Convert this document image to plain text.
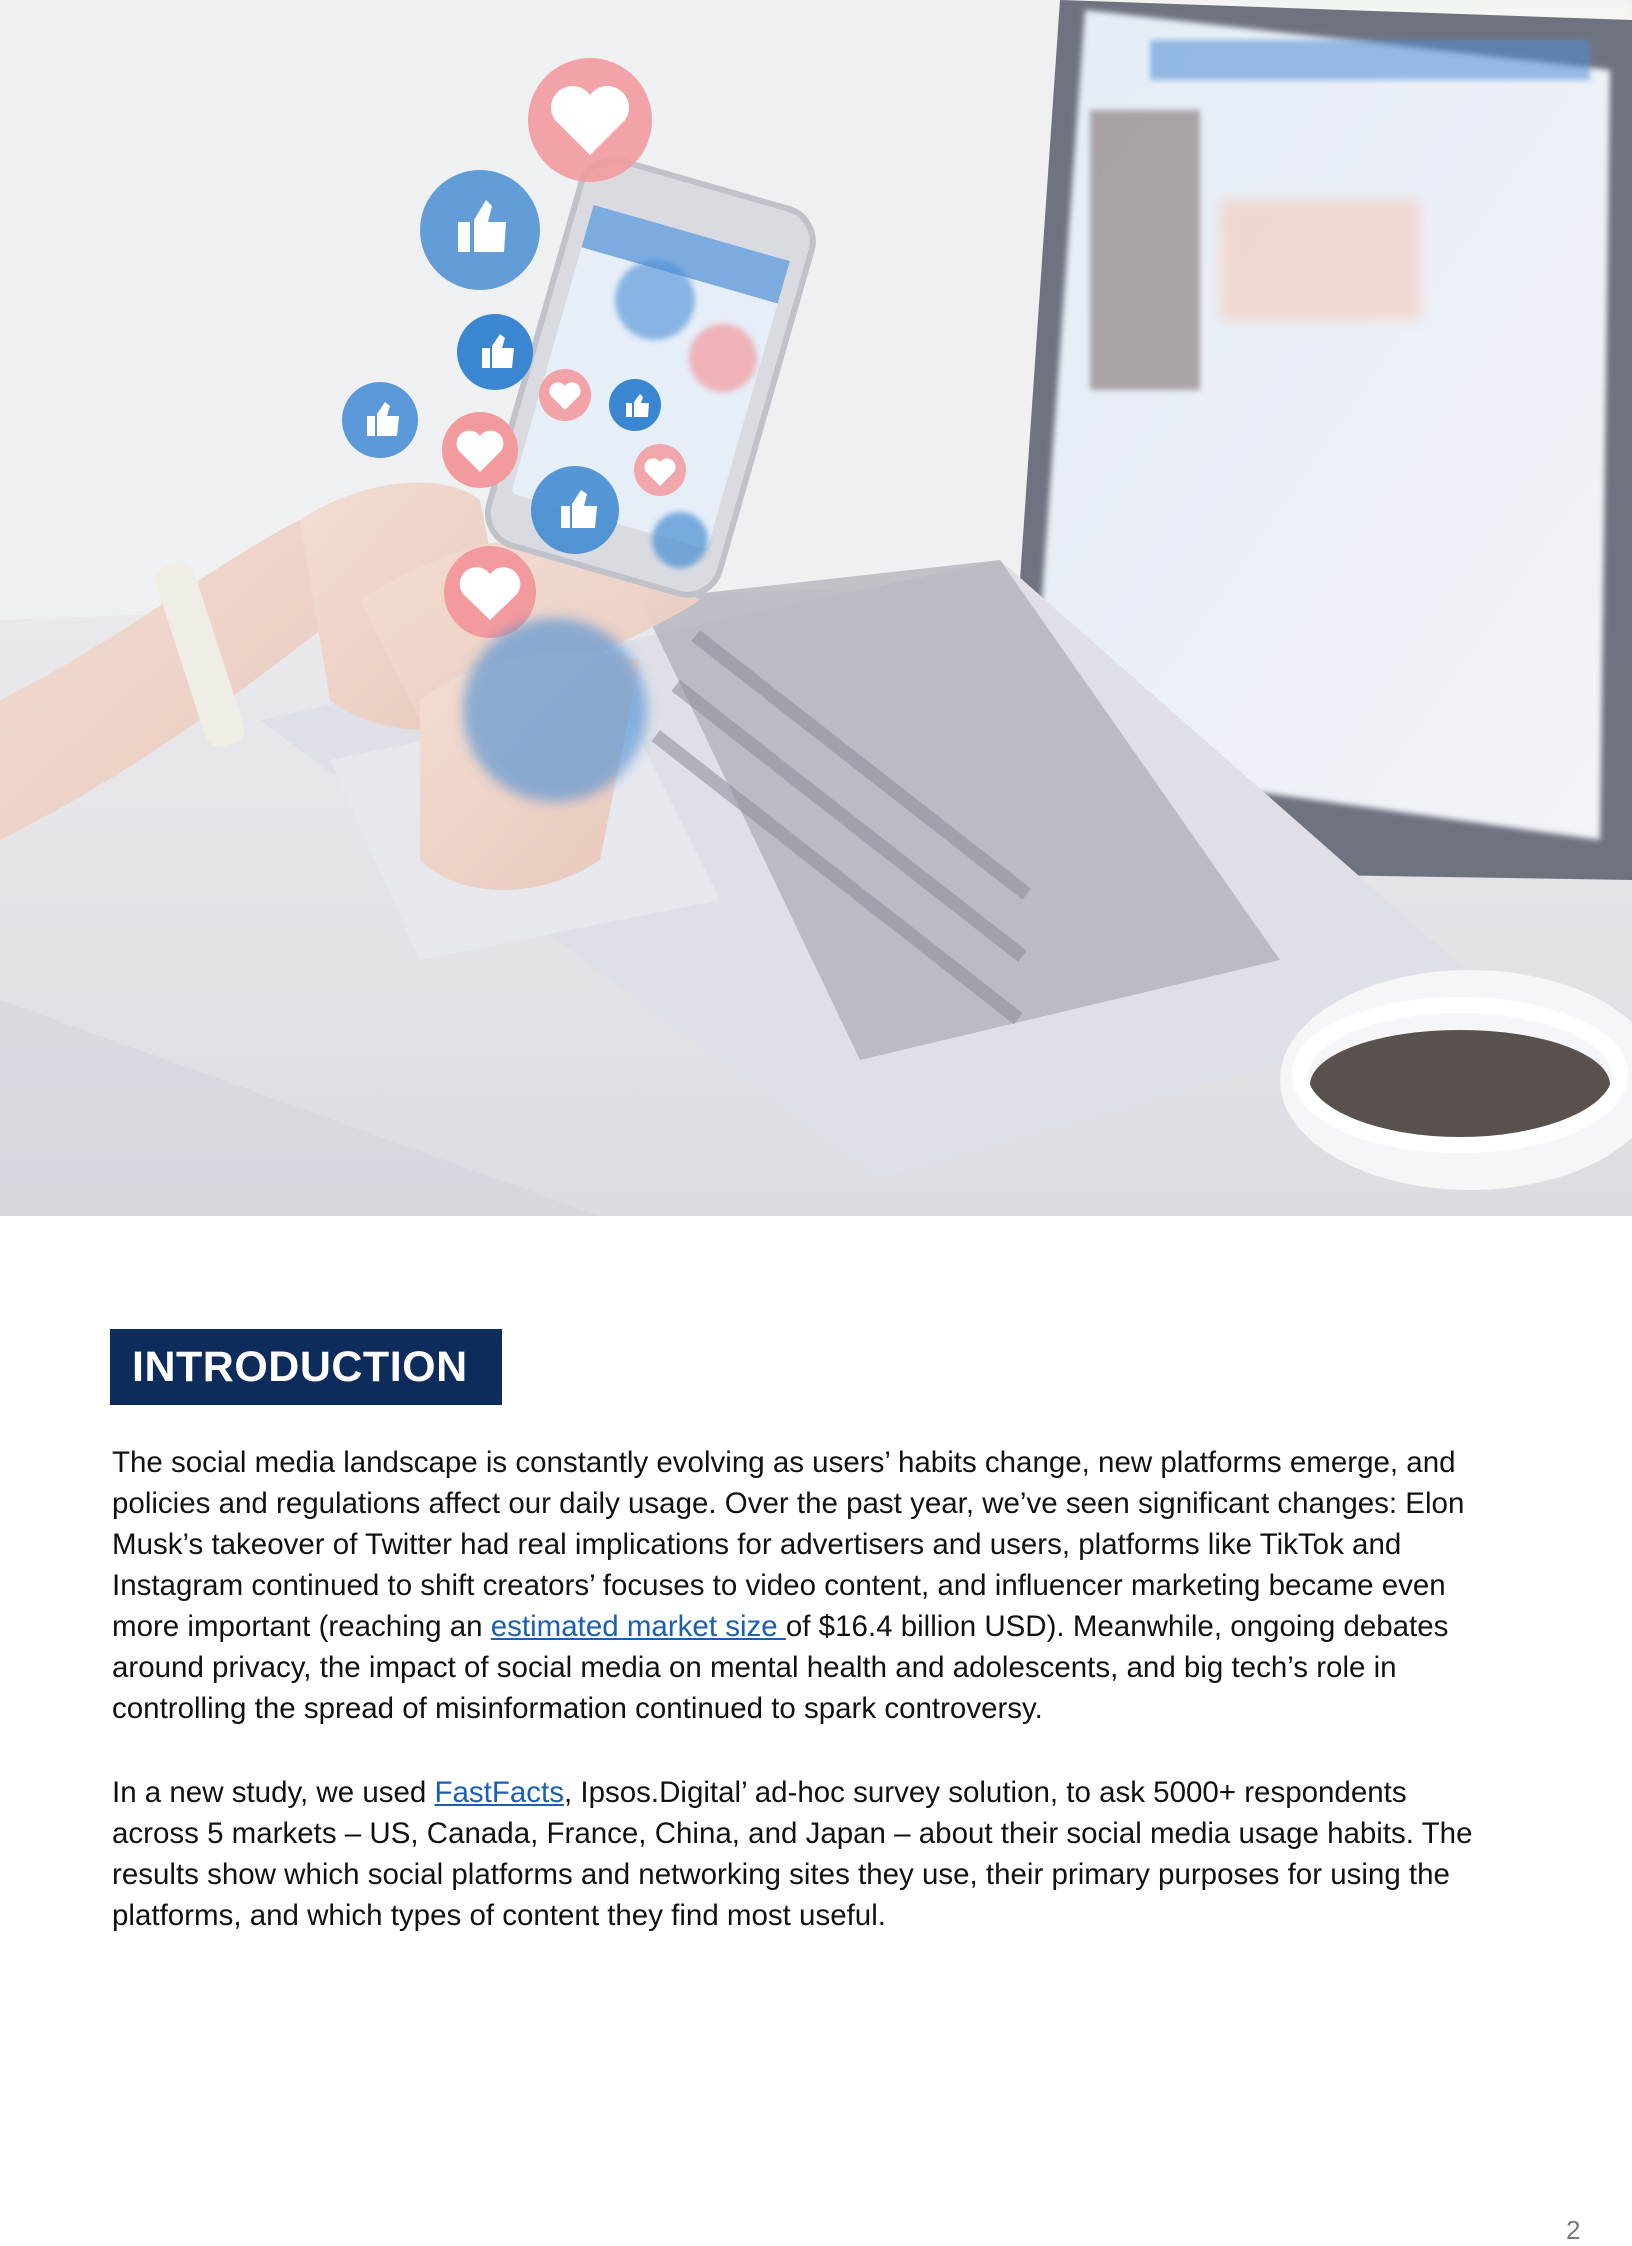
INTRODUCTION
The social media landscape is constantly evolving as users’ habits change, new platforms emerge, and
policies and regulations affect our daily usage. Over the past year, we’ve seen significant changes: Elon
Musk’s takeover of Twitter had real implications for advertisers and users, platforms like TikTok and
Instagram continued to shift creators’ focuses to video content, and influencer marketing became even
more important (reaching an estimated market size of $16.4 billion USD). Meanwhile, ongoing debates
around privacy, the impact of social media on mental health and adolescents, and big tech’s role in
controlling the spread of misinformation continued to spark controversy.
In a new study, we used FastFacts, Ipsos.Digital’ ad-hoc survey solution, to ask 5000+ respondents
across 5 markets – US, Canada, France, China, and Japan – about their social media usage habits. The
results show which social platforms and networking sites they use, their primary purposes for using the
platforms, and which types of content they find most useful.
2
